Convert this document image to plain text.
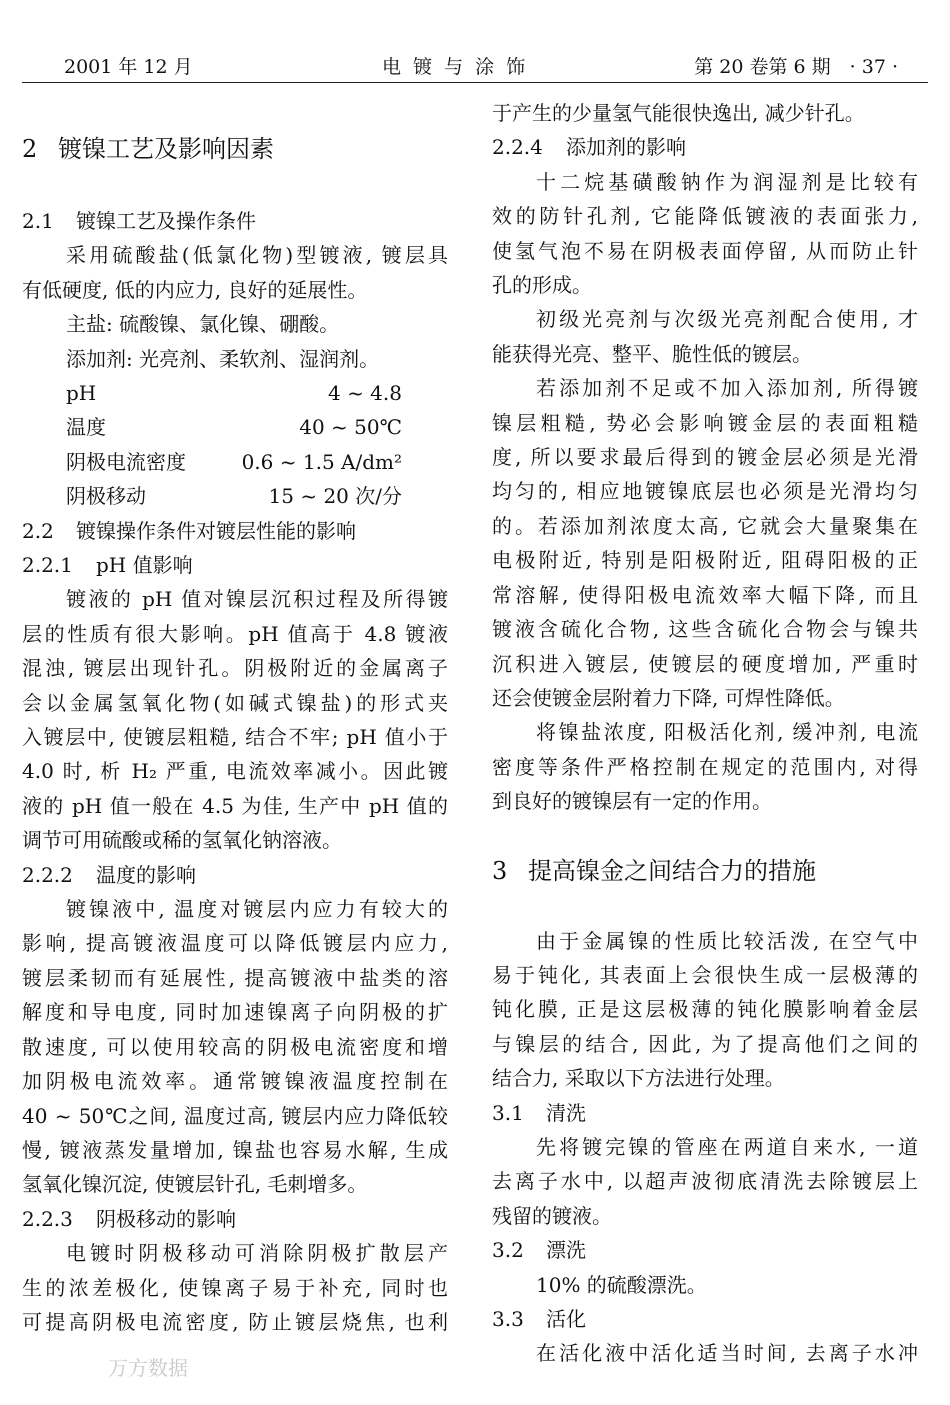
2001 年 12 月	电 镀 与 涂 饰	第 20 卷第 6 期　· 37 ·

2 镀镍工艺及影响因素

2.1 镀镍工艺及操作条件

采用硫酸盐(低氯化物)型镀液, 镀层具

有低硬度, 低的内应力, 良好的延展性。

主盐: 硫酸镍、氯化镍、硼酸。

添加剂: 光亮剂、柔软剂、湿润剂。

pH	4 ~ 4.8
温度	40 ~ 50℃
阴极电流密度	0.6 ~ 1.5 A/dm²
阴极移动	15 ~ 20 次/分

2.2 镀镍操作条件对镀层性能的影响

2.2.1 pH 值影响

镀液的 pH 值对镍层沉积过程及所得镀

层的性质有很大影响。pH 值高于 4.8 镀液

混浊, 镀层出现针孔。阴极附近的金属离子

会以金属氢氧化物(如碱式镍盐)的形式夹

入镀层中, 使镀层粗糙, 结合不牢; pH 值小于

4.0 时, 析 H₂ 严重, 电流效率减小。因此镀

液的 pH 值一般在 4.5 为佳, 生产中 pH 值的

调节可用硫酸或稀的氢氧化钠溶液。

2.2.2 温度的影响

镀镍液中, 温度对镀层内应力有较大的

影响, 提高镀液温度可以降低镀层内应力,

镀层柔韧而有延展性, 提高镀液中盐类的溶

解度和导电度, 同时加速镍离子向阴极的扩

散速度, 可以使用较高的阴极电流密度和增

加阴极电流效率。通常镀镍液温度控制在

40 ~ 50℃之间, 温度过高, 镀层内应力降低较

慢, 镀液蒸发量增加, 镍盐也容易水解, 生成

氢氧化镍沉淀, 使镀层针孔, 毛刺增多。

2.2.3 阴极移动的影响

电镀时阴极移动可消除阴极扩散层产

生的浓差极化, 使镍离子易于补充, 同时也

可提高阴极电流密度, 防止镀层烧焦, 也利

于产生的少量氢气能很快逸出, 减少针孔。

2.2.4 添加剂的影响

十二烷基磺酸钠作为润湿剂是比较有

效的防针孔剂, 它能降低镀液的表面张力,

使氢气泡不易在阴极表面停留, 从而防止针

孔的形成。

初级光亮剂与次级光亮剂配合使用, 才

能获得光亮、整平、脆性低的镀层。

若添加剂不足或不加入添加剂, 所得镀

镍层粗糙, 势必会影响镀金层的表面粗糙

度, 所以要求最后得到的镀金层必须是光滑

均匀的, 相应地镀镍底层也必须是光滑均匀

的。若添加剂浓度太高, 它就会大量聚集在

电极附近, 特别是阳极附近, 阻碍阳极的正

常溶解, 使得阳极电流效率大幅下降, 而且

镀液含硫化合物, 这些含硫化合物会与镍共

沉积进入镀层, 使镀层的硬度增加, 严重时

还会使镀金层附着力下降, 可焊性降低。

将镍盐浓度, 阳极活化剂, 缓冲剂, 电流

密度等条件严格控制在规定的范围内, 对得

到良好的镀镍层有一定的作用。

3 提高镍金之间结合力的措施

由于金属镍的性质比较活泼, 在空气中

易于钝化, 其表面上会很快生成一层极薄的

钝化膜, 正是这层极薄的钝化膜影响着金层

与镍层的结合, 因此, 为了提高他们之间的

结合力, 采取以下方法进行处理。

3.1 清洗

先将镀完镍的管座在两道自来水, 一道

去离子水中, 以超声波彻底清洗去除镀层上

残留的镀液。

3.2 漂洗

10% 的硫酸漂洗。

3.3 活化

在活化液中活化适当时间, 去离子水冲

万方数据
